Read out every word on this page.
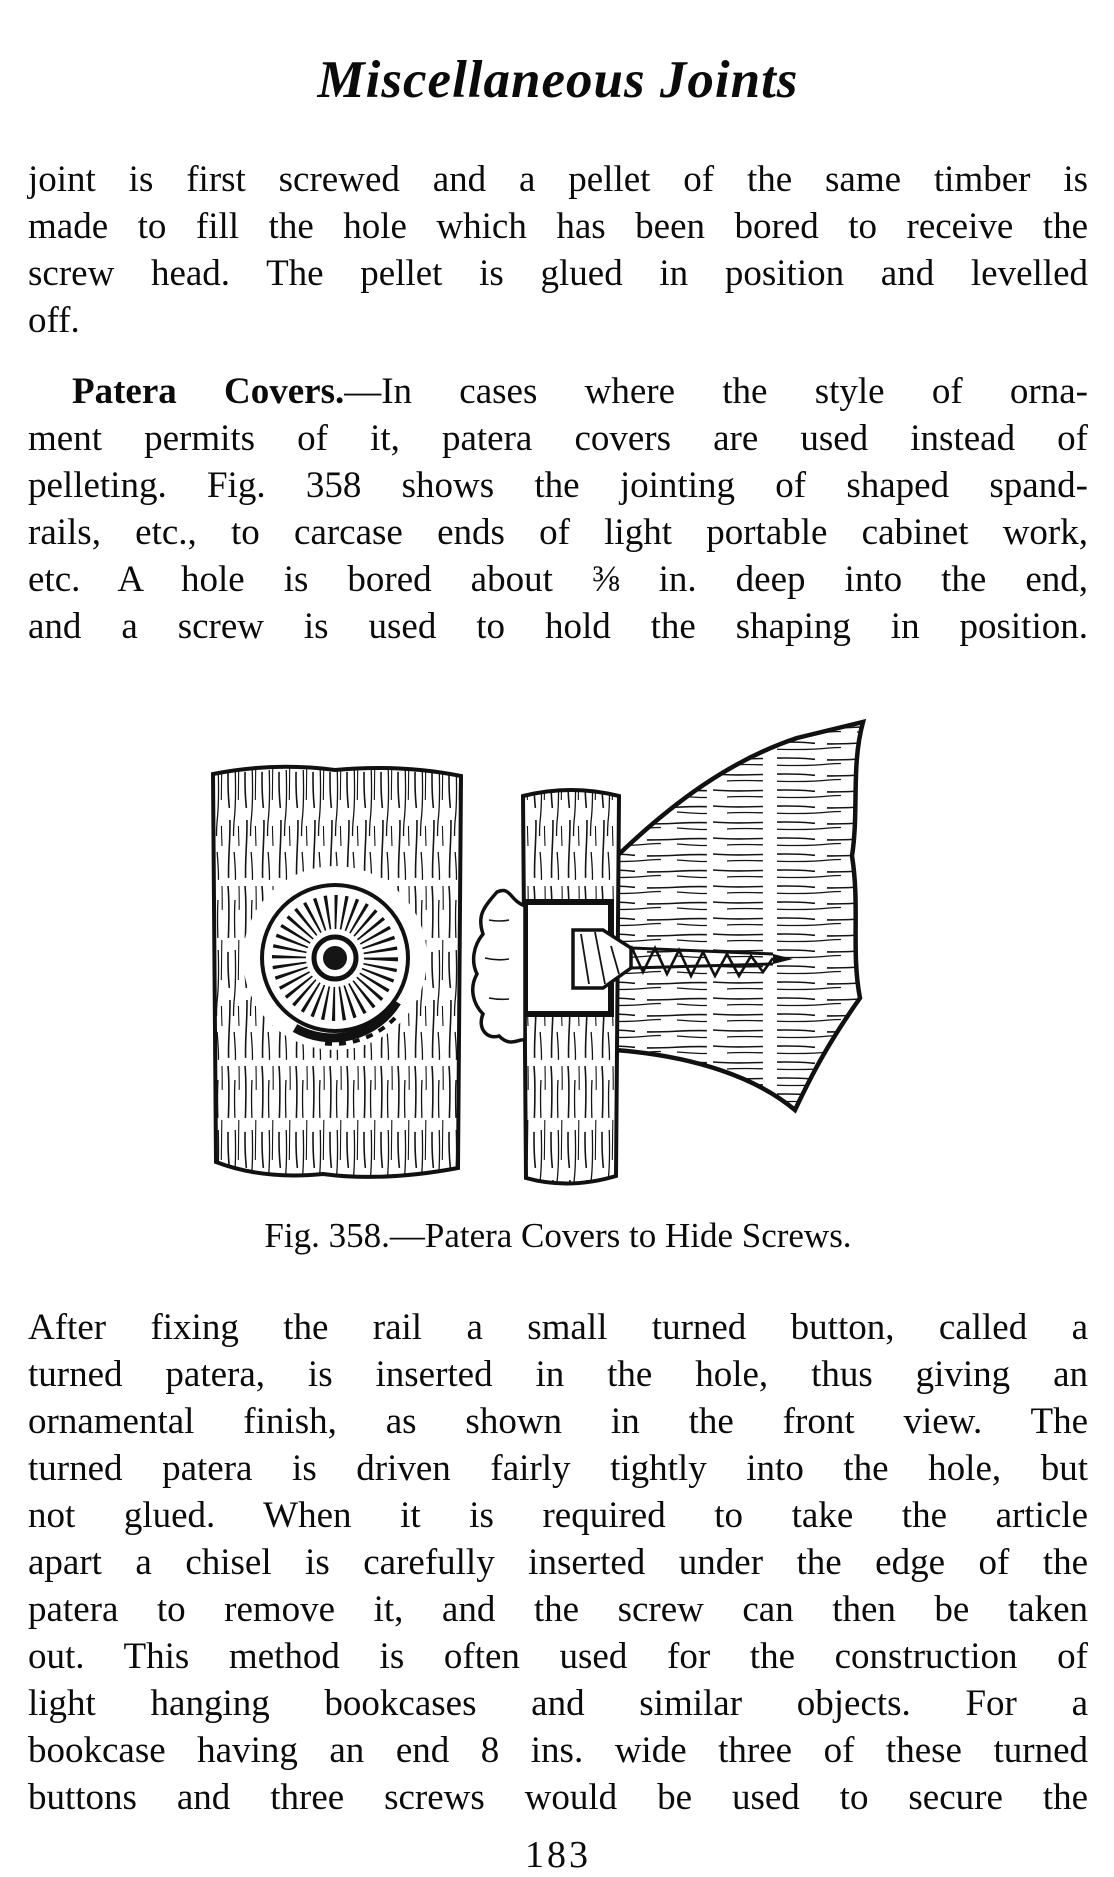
Miscellaneous Joints
joint is first screwed and a pellet of the same timber is
made to fill the hole which has been bored to receive the
screw head. The pellet is glued in position and levelled
off.
Patera Covers.—In cases where the style of orna-
ment permits of it, patera covers are used instead of
pelleting. Fig. 358 shows the jointing of shaped spand-
rails, etc., to carcase ends of light portable cabinet work,
etc. A hole is bored about ⅜ in. deep into the end,
and a screw is used to hold the shaping in position.
Fig. 358.—Patera Covers to Hide Screws.
After fixing the rail a small turned button, called a
turned patera, is inserted in the hole, thus giving an
ornamental finish, as shown in the front view. The
turned patera is driven fairly tightly into the hole, but
not glued. When it is required to take the article
apart a chisel is carefully inserted under the edge of the
patera to remove it, and the screw can then be taken
out. This method is often used for the construction of
light hanging bookcases and similar objects. For a
bookcase having an end 8 ins. wide three of these turned
buttons and three screws would be used to secure the
183
